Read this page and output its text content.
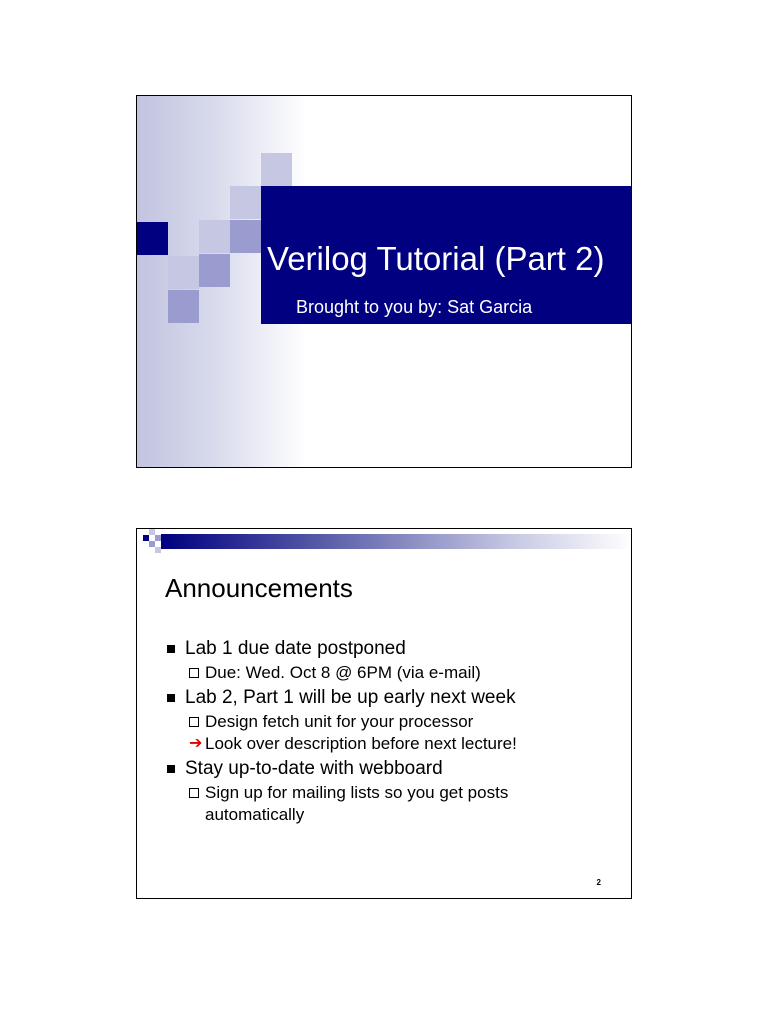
Verilog Tutorial (Part 2)
Brought to you by: Sat Garcia
Announcements
Lab 1 due date postponed
Due: Wed. Oct 8 @ 6PM (via e-mail)
Lab 2, Part 1 will be up early next week
Design fetch unit for your processor
➔ Look over description before next lecture!
Stay up-to-date with webboard
Sign up for mailing lists so you get posts automatically
2
